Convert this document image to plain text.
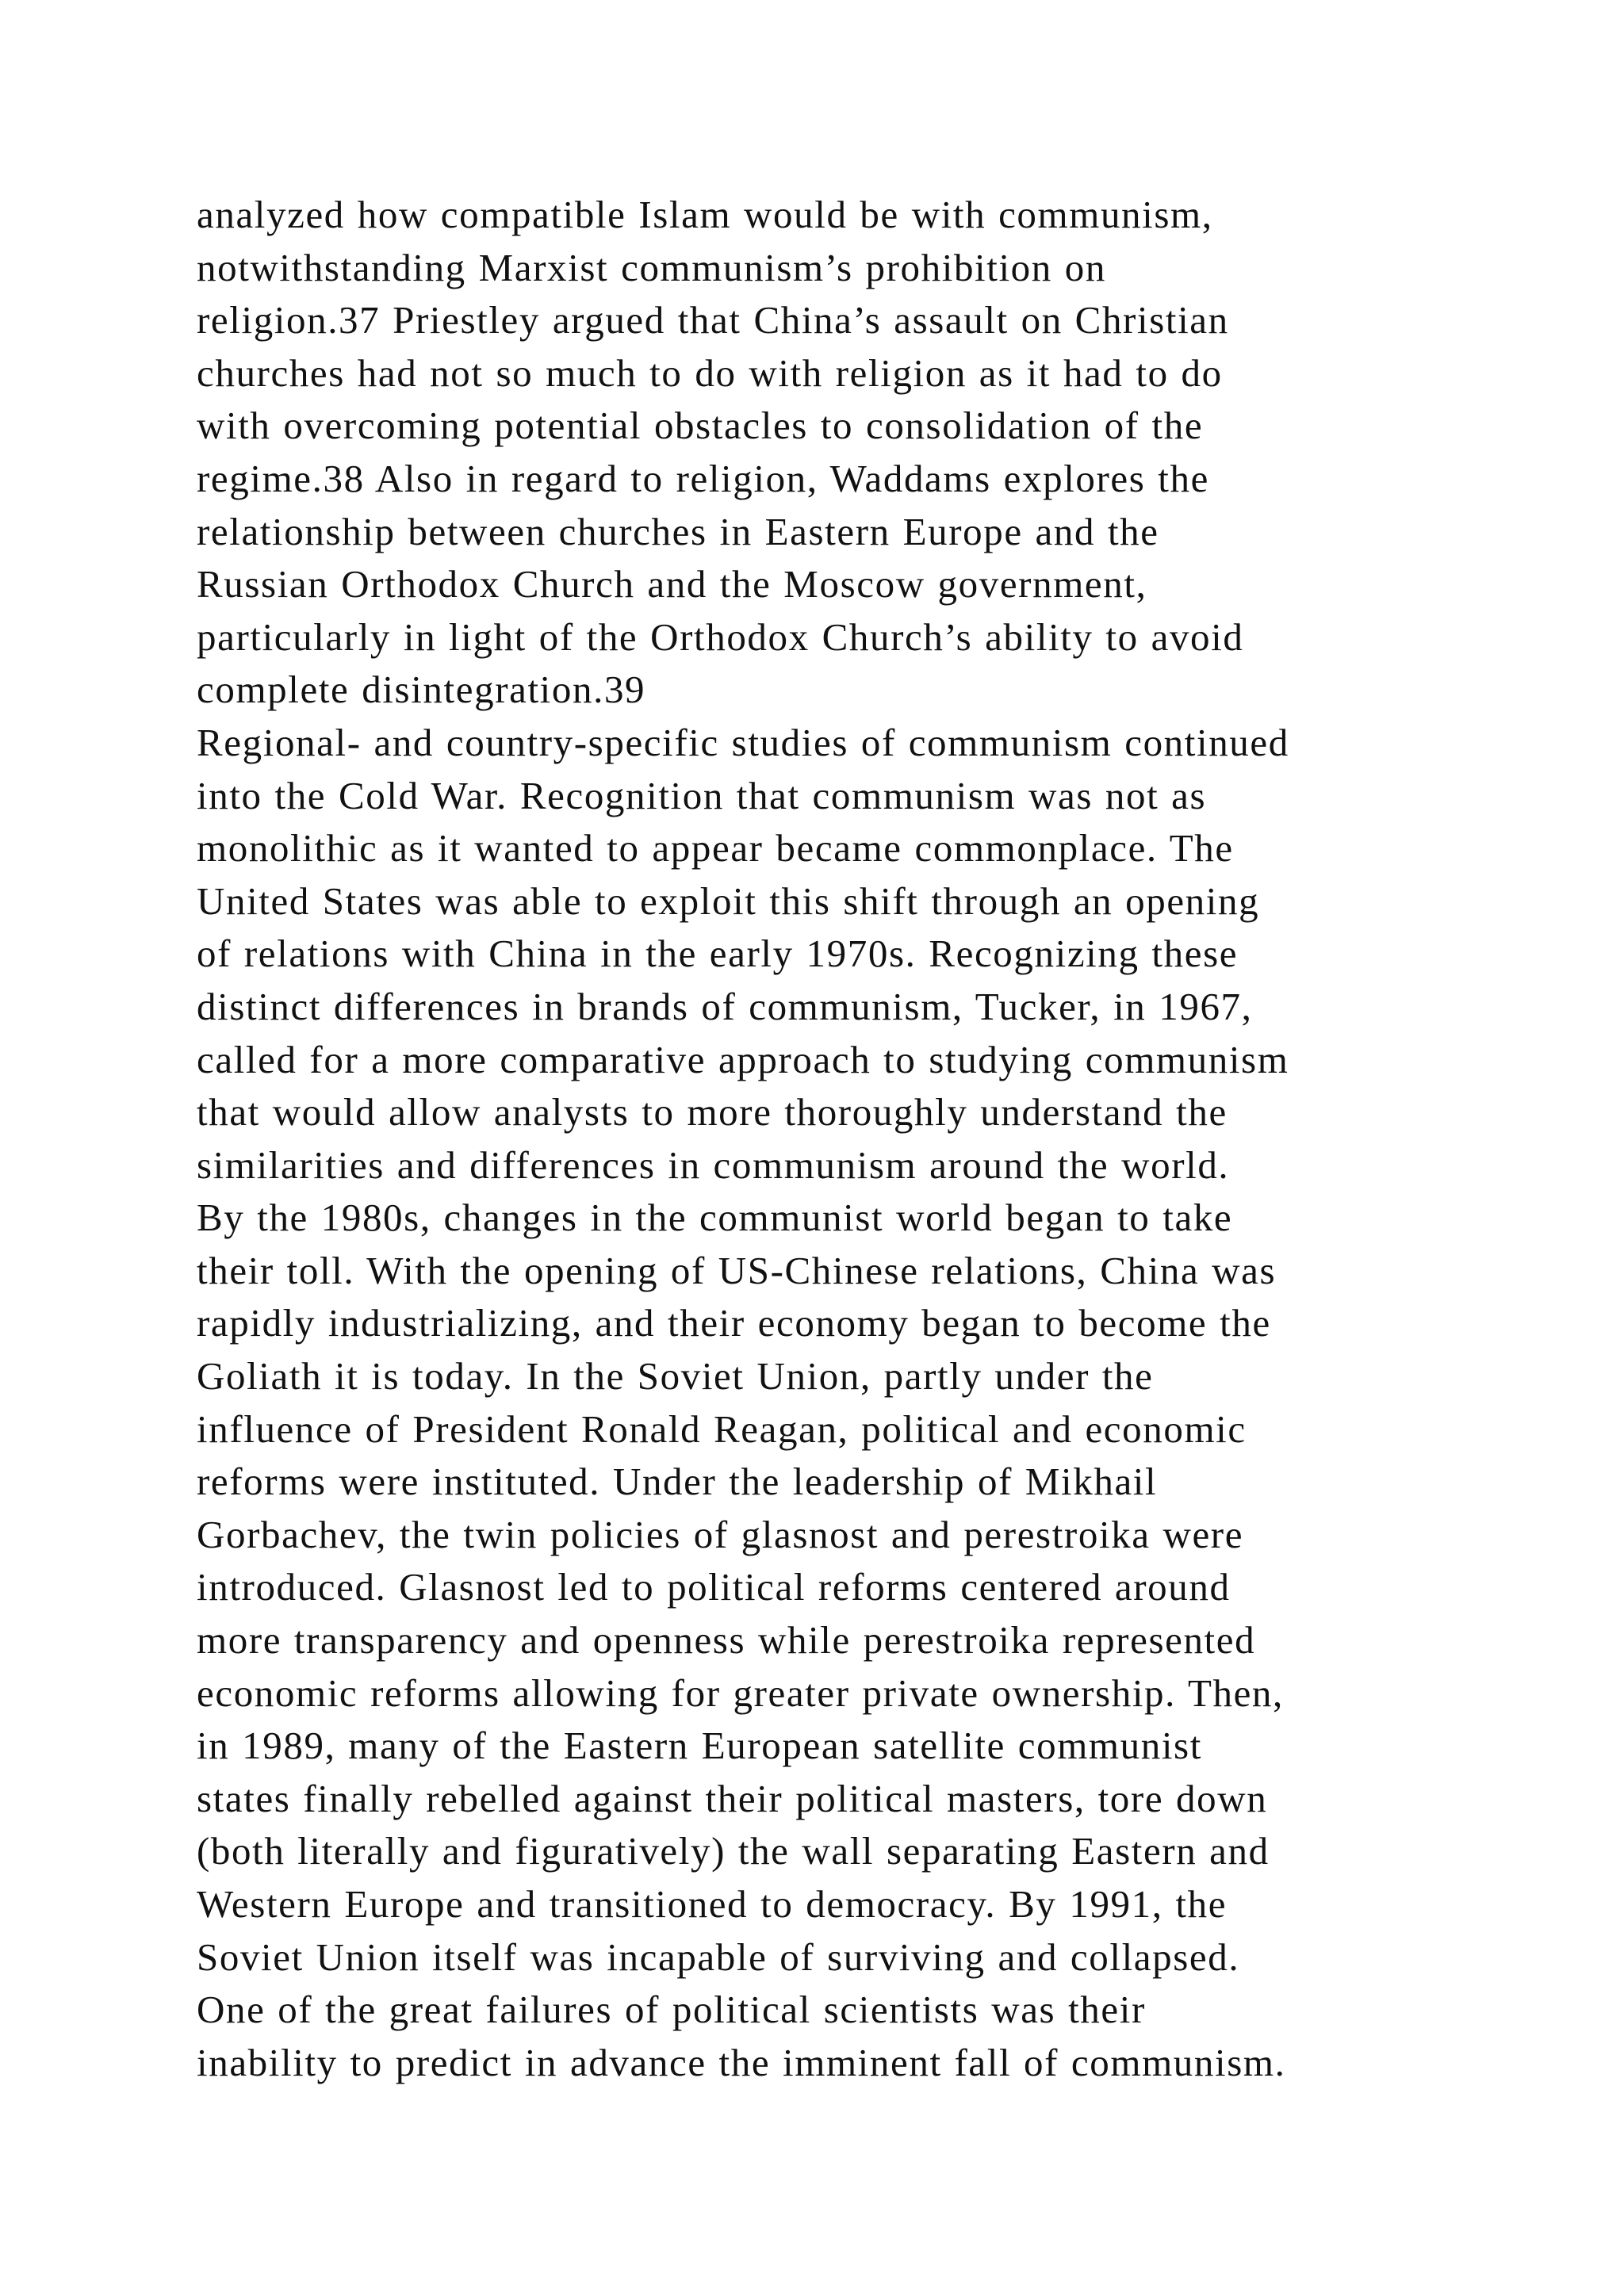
analyzed how compatible Islam would be with communism,
notwithstanding Marxist communism’s prohibition on
religion.37 Priestley argued that China’s assault on Christian
churches had not so much to do with religion as it had to do
with overcoming potential obstacles to consolidation of the
regime.38 Also in regard to religion, Waddams explores the
relationship between churches in Eastern Europe and the
Russian Orthodox Church and the Moscow government,
particularly in light of the Orthodox Church’s ability to avoid
complete disintegration.39
Regional- and country-specific studies of communism continued
into the Cold War. Recognition that communism was not as
monolithic as it wanted to appear became commonplace. The
United States was able to exploit this shift through an opening
of relations with China in the early 1970s. Recognizing these
distinct differences in brands of communism, Tucker, in 1967,
called for a more comparative approach to studying communism
that would allow analysts to more thoroughly understand the
similarities and differences in communism around the world.
By the 1980s, changes in the communist world began to take
their toll. With the opening of US-Chinese relations, China was
rapidly industrializing, and their economy began to become the
Goliath it is today. In the Soviet Union, partly under the
influence of President Ronald Reagan, political and economic
reforms were instituted. Under the leadership of Mikhail
Gorbachev, the twin policies of glasnost and perestroika were
introduced. Glasnost led to political reforms centered around
more transparency and openness while perestroika represented
economic reforms allowing for greater private ownership. Then,
in 1989, many of the Eastern European satellite communist
states finally rebelled against their political masters, tore down
(both literally and figuratively) the wall separating Eastern and
Western Europe and transitioned to democracy. By 1991, the
Soviet Union itself was incapable of surviving and collapsed.
One of the great failures of political scientists was their
inability to predict in advance the imminent fall of communism.
